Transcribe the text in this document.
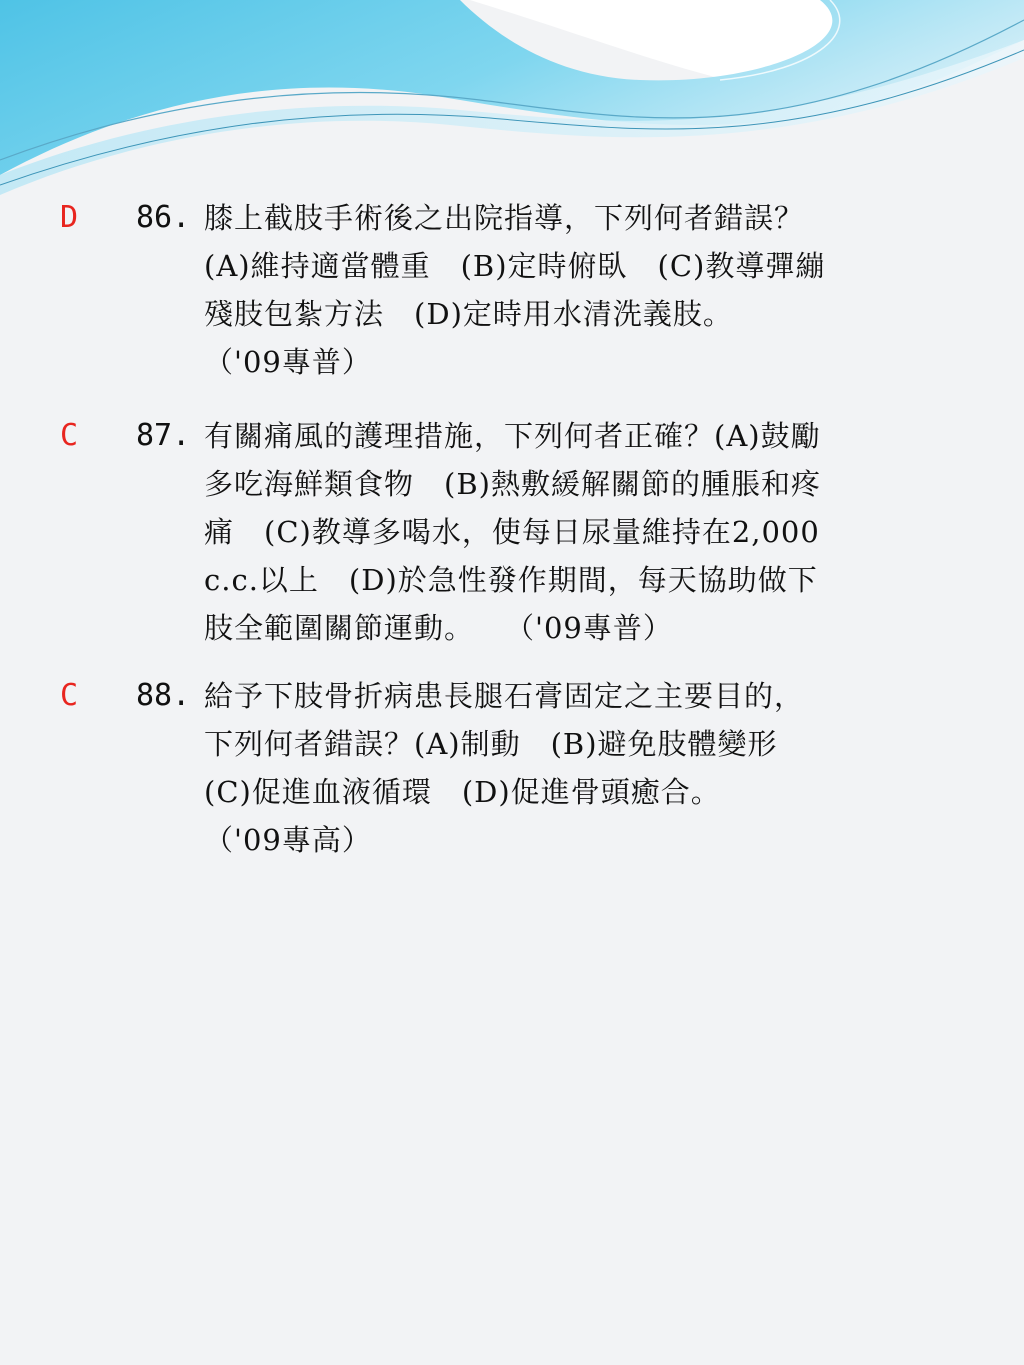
D 86. 膝上截肢手術後之出院指導，下列何者錯誤？
(A)維持適當體重　(B)定時俯臥　(C)教導彈繃
殘肢包紮方法　(D)定時用水清洗義肢。
（'09專普）
C 87. 有關痛風的護理措施，下列何者正確？(A)鼓勵
多吃海鮮類食物　(B)熱敷緩解關節的腫脹和疼
痛　(C)教導多喝水，使每日尿量維持在2,000
c.c.以上　(D)於急性發作期間，每天協助做下
肢全範圍關節運動。　　（'09專普）
C 88. 給予下肢骨折病患長腿石膏固定之主要目的，
下列何者錯誤？(A)制動　(B)避免肢體變形
(C)促進血液循環　(D)促進骨頭癒合。
（'09專高）
